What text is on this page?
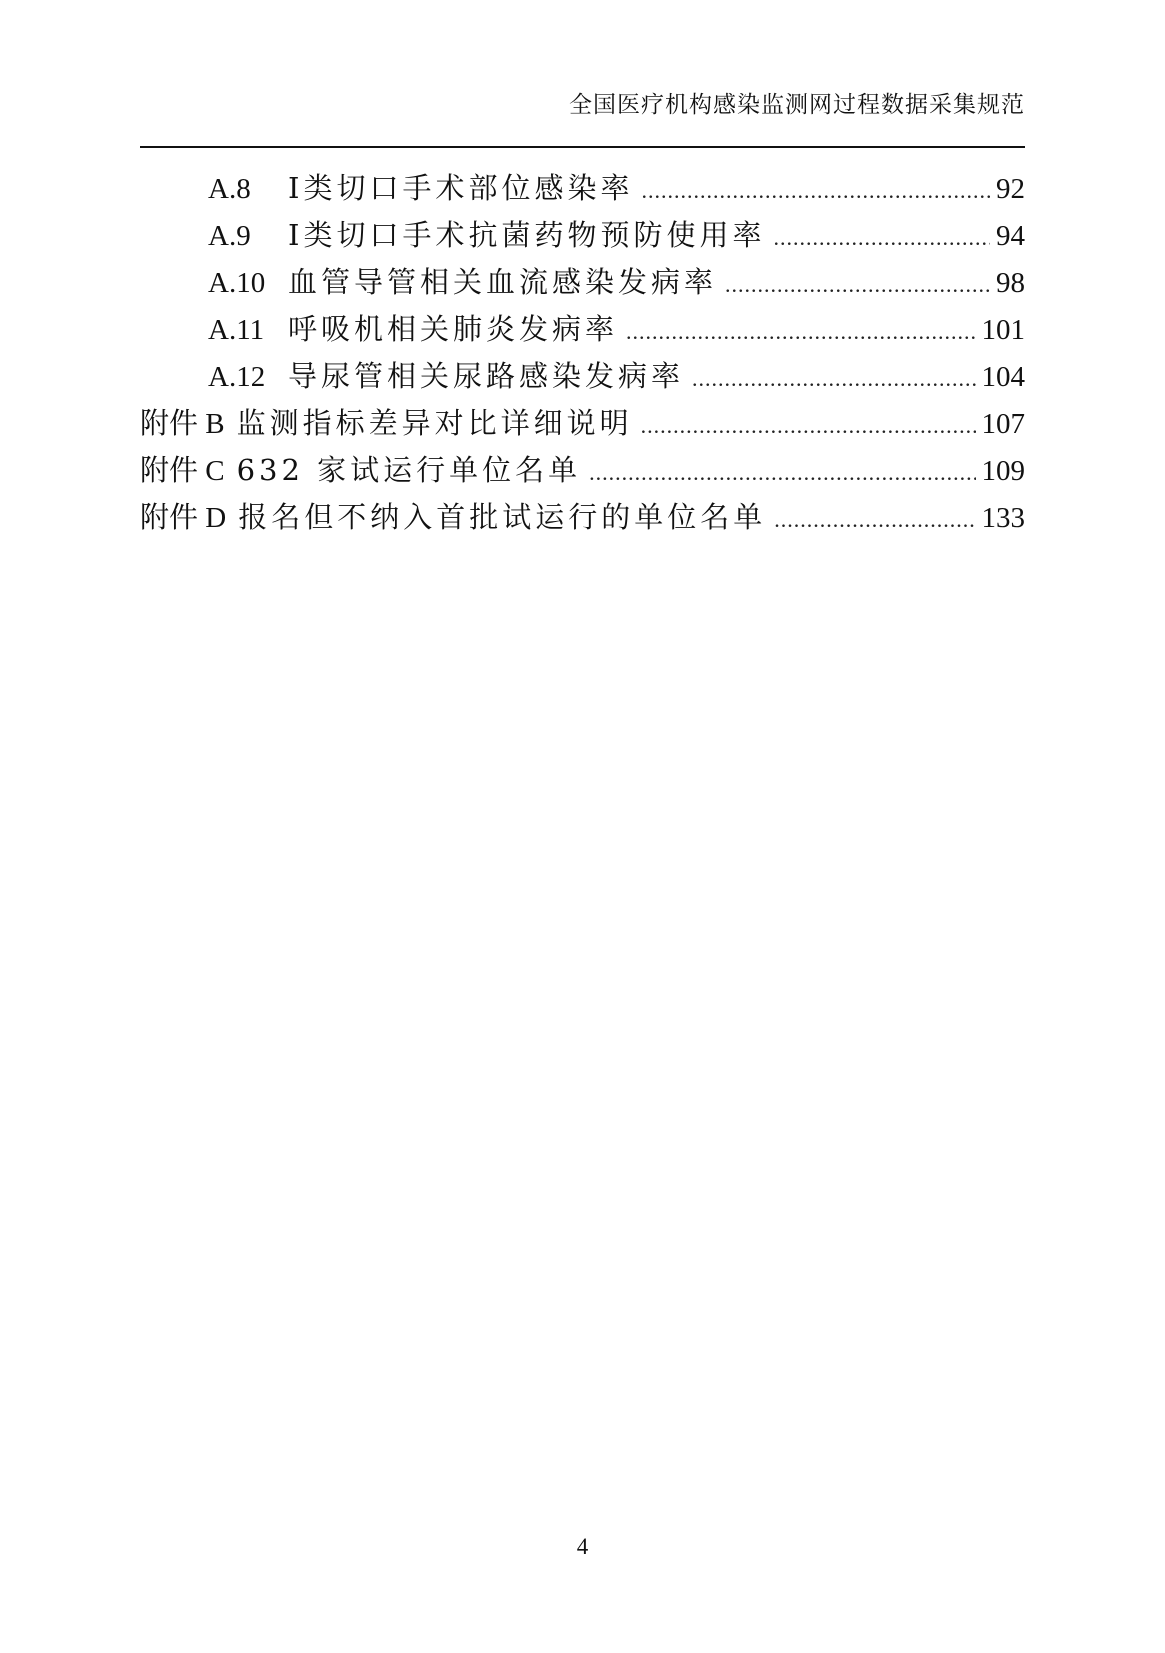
全国医疗机构感染监测网过程数据采集规范
A.8	Ⅰ类切口手术部位感染率 .....	92
A.9	Ⅰ类切口手术抗菌药物预防使用率 .....	94
A.10 血管导管相关血流感染发病率 .....	98
A.11 呼吸机相关肺炎发病率 .....	101
A.12 导尿管相关尿路感染发病率 .....	104
附件 B 监测指标差异对比详细说明 .....	107
附件 C 632 家试运行单位名单 .....	109
附件 D 报名但不纳入首批试运行的单位名单 .....	133
4
